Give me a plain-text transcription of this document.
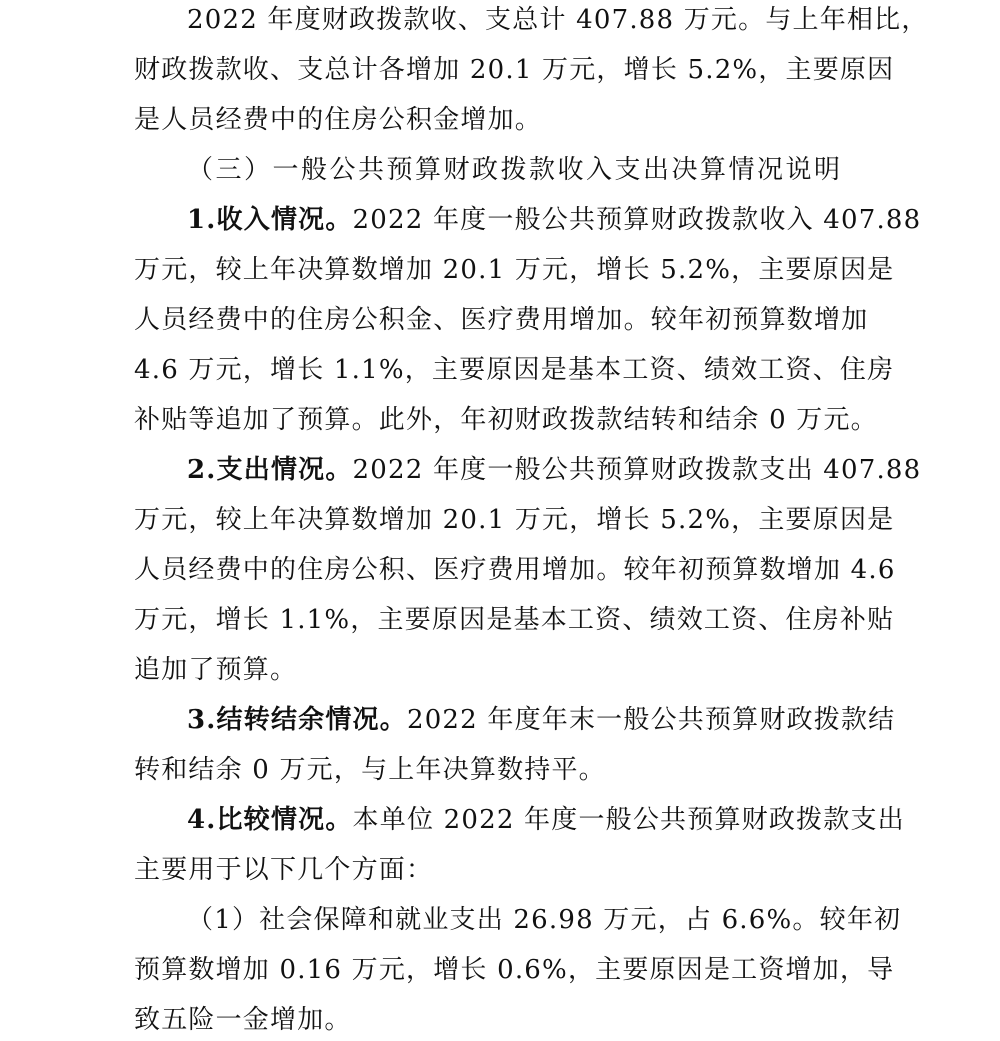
2022 年度财政拨款收、支总计 407.88 万元。与上年相比，
财政拨款收、支总计各增加 20.1 万元，增长 5.2%，主要原因
是人员经费中的住房公积金增加。
（三）一般公共预算财政拨款收入支出决算情况说明
1.收入情况。2022 年度一般公共预算财政拨款收入 407.88
万元，较上年决算数增加 20.1 万元，增长 5.2%，主要原因是
人员经费中的住房公积金、医疗费用增加。较年初预算数增加
4.6 万元，增长 1.1%，主要原因是基本工资、绩效工资、住房
补贴等追加了预算。此外，年初财政拨款结转和结余 0 万元。
2.支出情况。2022 年度一般公共预算财政拨款支出 407.88
万元，较上年决算数增加 20.1 万元，增长 5.2%，主要原因是
人员经费中的住房公积、医疗费用增加。较年初预算数增加 4.6
万元，增长 1.1%，主要原因是基本工资、绩效工资、住房补贴
追加了预算。
3.结转结余情况。2022 年度年末一般公共预算财政拨款结
转和结余 0 万元，与上年决算数持平。
4.比较情况。本单位 2022 年度一般公共预算财政拨款支出
主要用于以下几个方面：
（1）社会保障和就业支出 26.98 万元，占 6.6%。较年初
预算数增加 0.16 万元，增长 0.6%，主要原因是工资增加，导
致五险一金增加。
